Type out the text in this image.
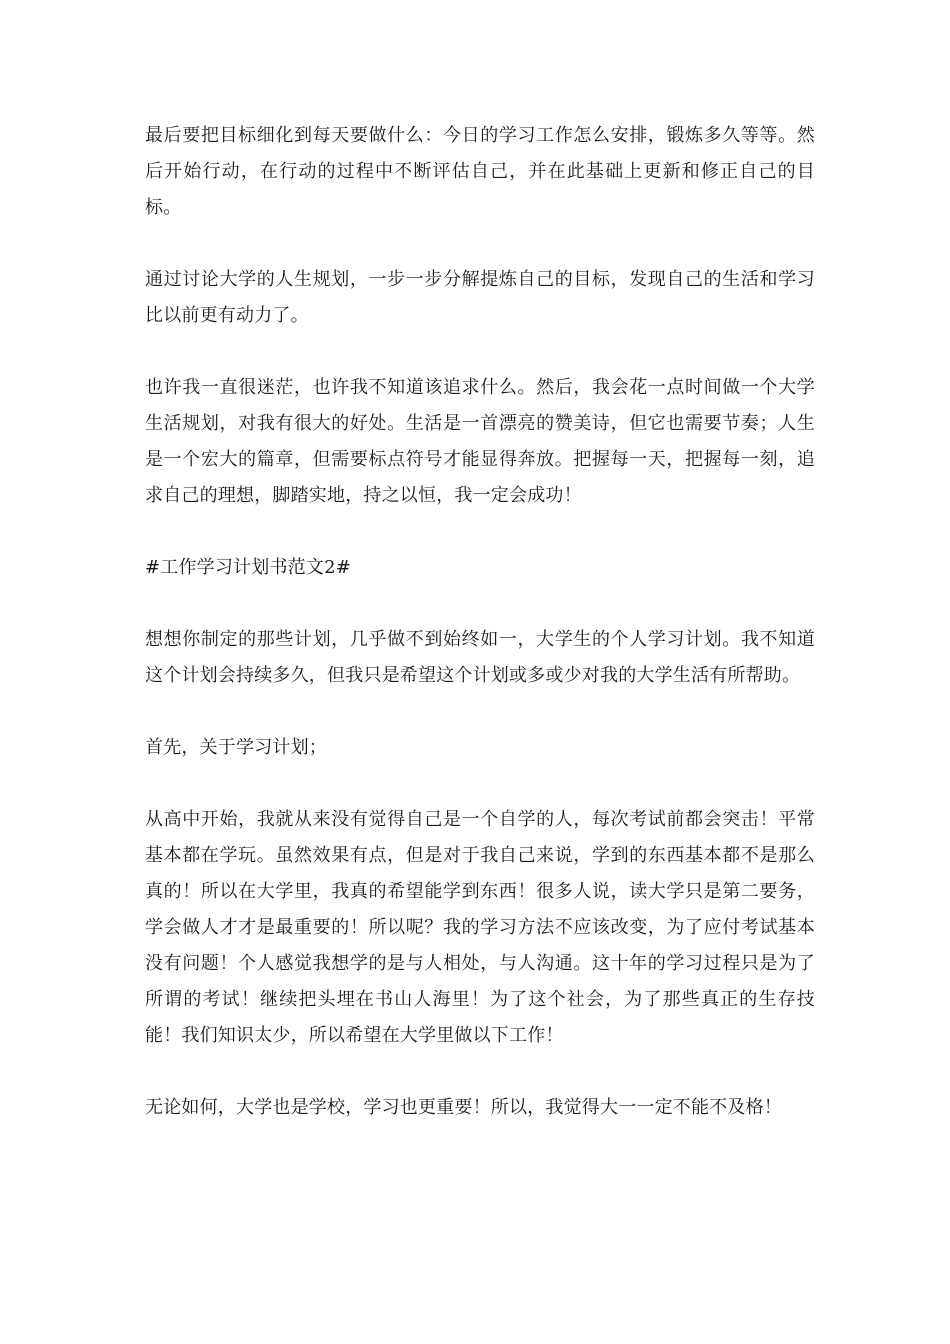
最后要把目标细化到每天要做什么：今日的学习工作怎么安排，锻炼多久等等。然后开始行动，在行动的过程中不断评估自己，并在此基础上更新和修正自己的目标。

通过讨论大学的人生规划，一步一步分解提炼自己的目标，发现自己的生活和学习比以前更有动力了。

也许我一直很迷茫，也许我不知道该追求什么。然后，我会花一点时间做一个大学生活规划，对我有很大的好处。生活是一首漂亮的赞美诗，但它也需要节奏；人生是一个宏大的篇章，但需要标点符号才能显得奔放。把握每一天，把握每一刻，追求自己的理想，脚踏实地，持之以恒，我一定会成功！

#工作学习计划书范文2#

想想你制定的那些计划，几乎做不到始终如一，大学生的个人学习计划。我不知道这个计划会持续多久，但我只是希望这个计划或多或少对我的大学生活有所帮助。

首先，关于学习计划；

从高中开始，我就从来没有觉得自己是一个自学的人，每次考试前都会突击！平常基本都在学玩。虽然效果有点，但是对于我自己来说，学到的东西基本都不是那么真的！所以在大学里，我真的希望能学到东西！很多人说，读大学只是第二要务，学会做人才才是最重要的！所以呢？我的学习方法不应该改变，为了应付考试基本没有问题！个人感觉我想学的是与人相处，与人沟通。这十年的学习过程只是为了所谓的考试！继续把头埋在书山人海里！为了这个社会，为了那些真正的生存技能！我们知识太少，所以希望在大学里做以下工作！

无论如何，大学也是学校，学习也更重要！所以，我觉得大一一定不能不及格！
